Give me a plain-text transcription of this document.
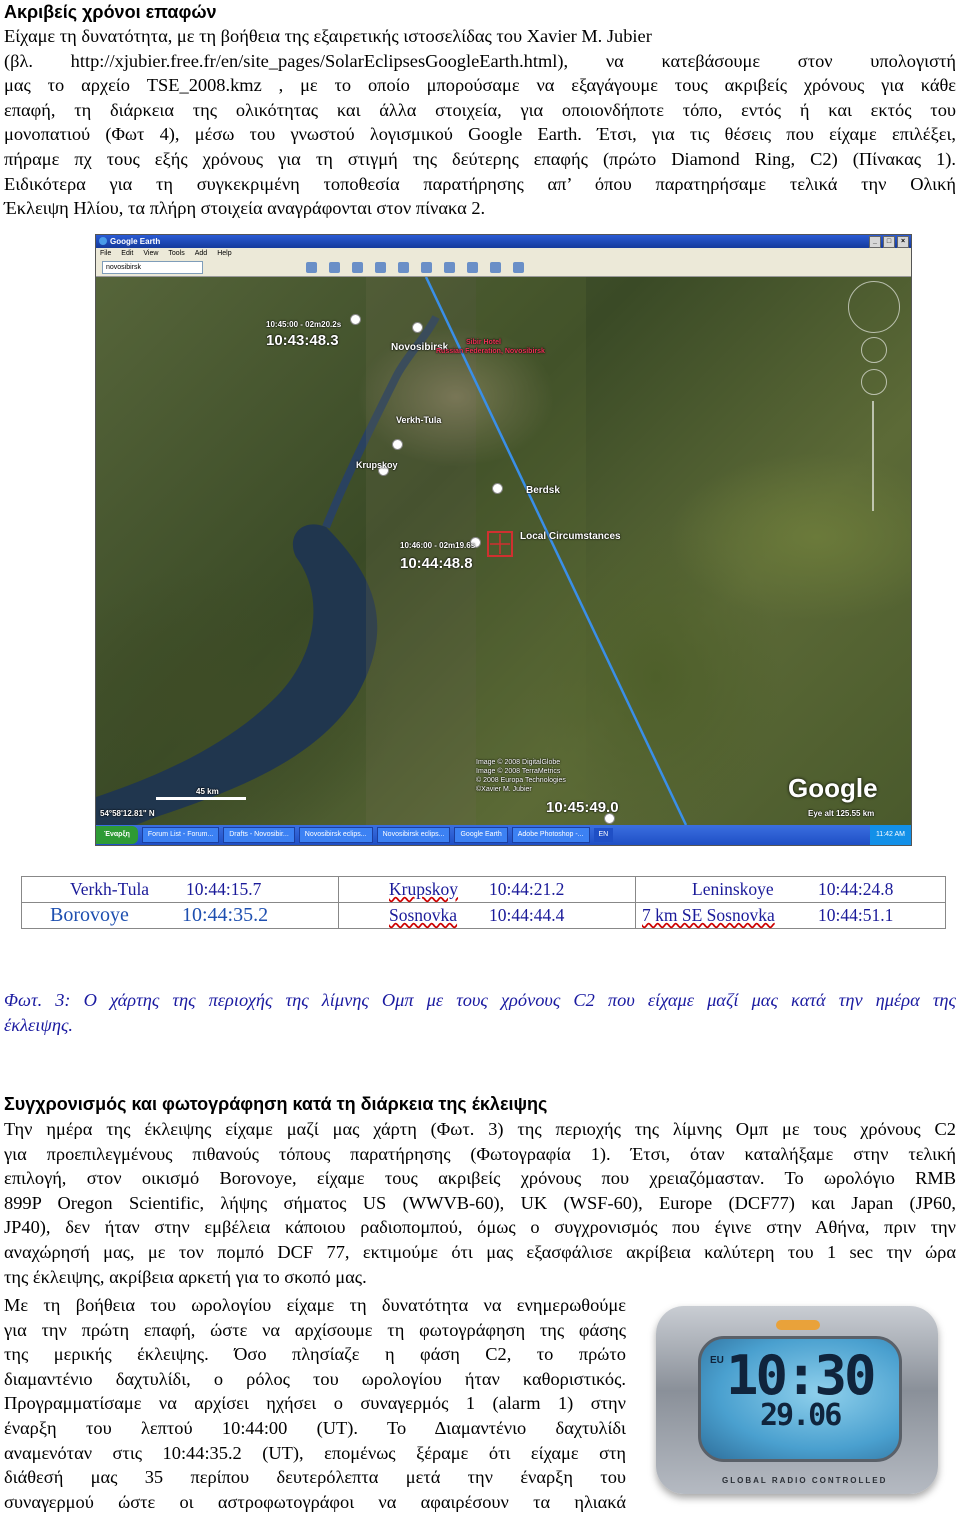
Ακριβείς χρόνοι επαφών

Είχαμε τη δυνατότητα, με τη βοήθεια της εξαιρετικής ιστοσελίδας του Xavier M. Jubier

(βλ. http://xjubier.free.fr/en/site_pages/SolarEclipsesGoogleEarth.html), να κατεβάσουμε στον υπολογιστή

μας το αρχείο TSE_2008.kmz , με το οποίο μπορούσαμε να εξαγάγουμε τους ακριβείς χρόνους για κάθε

επαφή, τη διάρκεια της ολικότητας και άλλα στοιχεία, για οποιονδήποτε τόπο, εντός ή και εκτός του

μονοπατιού (Φωτ 4), μέσω του γνωστού λογισμικού Google Earth. Έτσι, για τις θέσεις που είχαμε επιλέξει,

πήραμε πχ τους εξής χρόνους για τη στιγμή της δεύτερης επαφής (πρώτο Diamond Ring, C2) (Πίνακας 1).

Ειδικότερα για τη συγκεκριμένη τοποθεσία παρατήρησης απ’ όπου παρατηρήσαμε τελικά την Ολική

Έκλειψη Ηλίου, τα πλήρη στοιχεία αναγράφονται στον πίνακα 2.

Google Earth	_	□	×
File Edit View Tools Add Help
novosibirsk
10:45:00 - 02m20.2s
10:43:48.3	Novosibirsk	Sibir Hotel
Russian Federation, Novosibirsk
Verkh-Tula
Krupskoy
Berdsk
Local Circumstances
10:46:00 - 02m19.6s
10:44:48.8
Image © 2008 DigitalGlobe
Image © 2008 TerraMetrics
© 2008 Europa Technologies
©Xavier M. Jubier
10:45:49.0
45 km
54°58'12.81" N
Google
Eye alt 125.55 km
Έναρξη	Forum List - Forum...	Drafts - Novosibir...	Novosibirsk eclips...	Novosibirsk eclips...	Google Earth	Adobe Photoshop -...	EN	11:42 AM
Verkh-Tula 10:44:15.7	Krupskoy 10:44:21.2	Leninskoye 10:44:24.8
Borovoye 10:44:35.2	Sosnovka 10:44:44.4	7 km SE Sosnovka 10:44:51.1
Φωτ. 3: Ο χάρτης της περιοχής της λίμνης Ομπ με τους χρόνους C2 που είχαμε μαζί μας κατά την ημέρα της
έκλειψης.
Συγχρονισμός και φωτογράφηση κατά τη διάρκεια της έκλειψης

Την ημέρα της έκλειψης είχαμε μαζί μας χάρτη (Φωτ. 3) της περιοχής της λίμνης Ομπ με τους χρόνους C2

για προεπιλεγμένους πιθανούς τόπους παρατήρησης (Φωτογραφία 1). Έτσι, όταν καταλήξαμε στην τελική

επιλογή, στον οικισμό Borovoye, είχαμε τους ακριβείς χρόνους που χρειαζόμασταν. Το ωρολόγιο RMB

899P Oregon Scientific, λήψης σήματος US (WWVB-60), UK (WSF-60), Europe (DCF77) και Japan (JP60,

JP40), δεν ήταν στην εμβέλεια κάποιου ραδιοπομπού, όμως ο συγχρονισμός που έγινε στην Αθήνα, πριν την

αναχώρησή μας, με τον πομπό DCF 77, εκτιμούμε ότι μας εξασφάλισε ακρίβεια καλύτερη του 1 sec την ώρα

της έκλειψης, ακρίβεια αρκετή για το σκοπό μας.

Με τη βοήθεια του ωρολογίου είχαμε τη δυνατότητα να ενημερωθούμε

για την πρώτη επαφή, ώστε να αρχίσουμε τη φωτογράφηση της φάσης

της μερικής έκλειψης. Όσο πλησίαζε η φάση C2, το πρώτο

διαμαντένιο δαχτυλίδι, ο ρόλος του ωρολογίου ήταν καθοριστικός.

Προγραμματίσαμε να αρχίσει ηχήσει ο συναγερμός 1 (alarm 1) στην

έναρξη του λεπτού 10:44:00 (UT). Το Διαμαντένιο δαχτυλίδι

αναμενόταν στις 10:44:35.2 (UT), επομένως ξέραμε ότι είχαμε στη

διάθεσή μας 35 περίπου δευτερόλεπτα μετά την έναρξη του

συναγερμού ώστε οι αστροφωτογράφοι να αφαιρέσουν τα ηλιακά

EU 10:30
29.06
GLOBAL RADIO CONTROLLED
